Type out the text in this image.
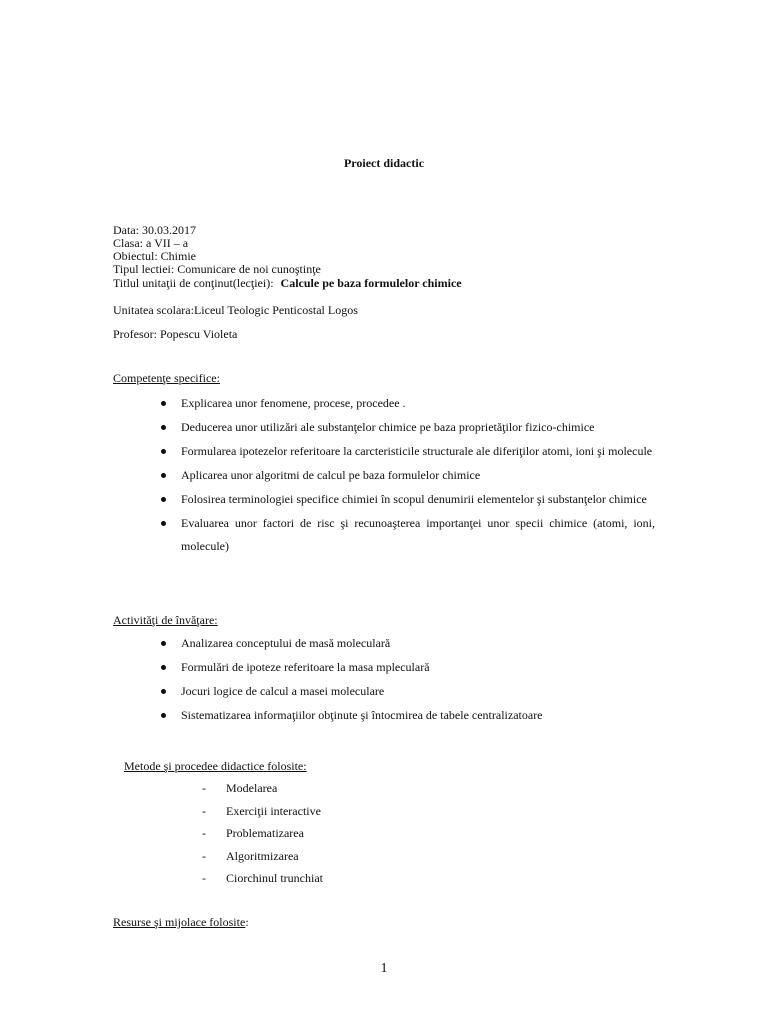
Proiect didactic
Data: 30.03.2017
Clasa: a VII – a
Obiectul: Chimie
Tipul lectiei: Comunicare de noi cunoştinţe
Titlul unitaţii de conţinut(lecţiei): Calcule pe baza formulelor chimice
Unitatea scolara:Liceul Teologic Penticostal Logos
Profesor: Popescu Violeta
Competenţe specifice:
Explicarea unor fenomene, procese, procedee .
Deducerea unor utilizări ale substanţelor chimice pe baza proprietăţilor fizico-chimice
Formularea ipotezelor referitoare la carcteristicile structurale ale diferiţilor atomi, ioni şi molecule
Aplicarea unor algoritmi de calcul pe baza formulelor chimice
Folosirea terminologiei specifice chimiei în scopul denumirii elementelor şi substanţelor chimice
Evaluarea unor factori de risc şi recunoaşterea importanţei unor specii chimice (atomi, ioni, molecule)
Activităţi de învăţare:
Analizarea conceptului de masă moleculară
Formulări de ipoteze referitoare la masa mpleculară
Jocuri logice de calcul a masei moleculare
Sistematizarea informaţiilor obţinute şi întocmirea de tabele centralizatoare
Metode şi procedee didactice folosite:
- Modelarea
- Exerciţii interactive
- Problematizarea
- Algoritmizarea
- Ciorchinul trunchiat
Resurse şi mijolace folosite:
1
